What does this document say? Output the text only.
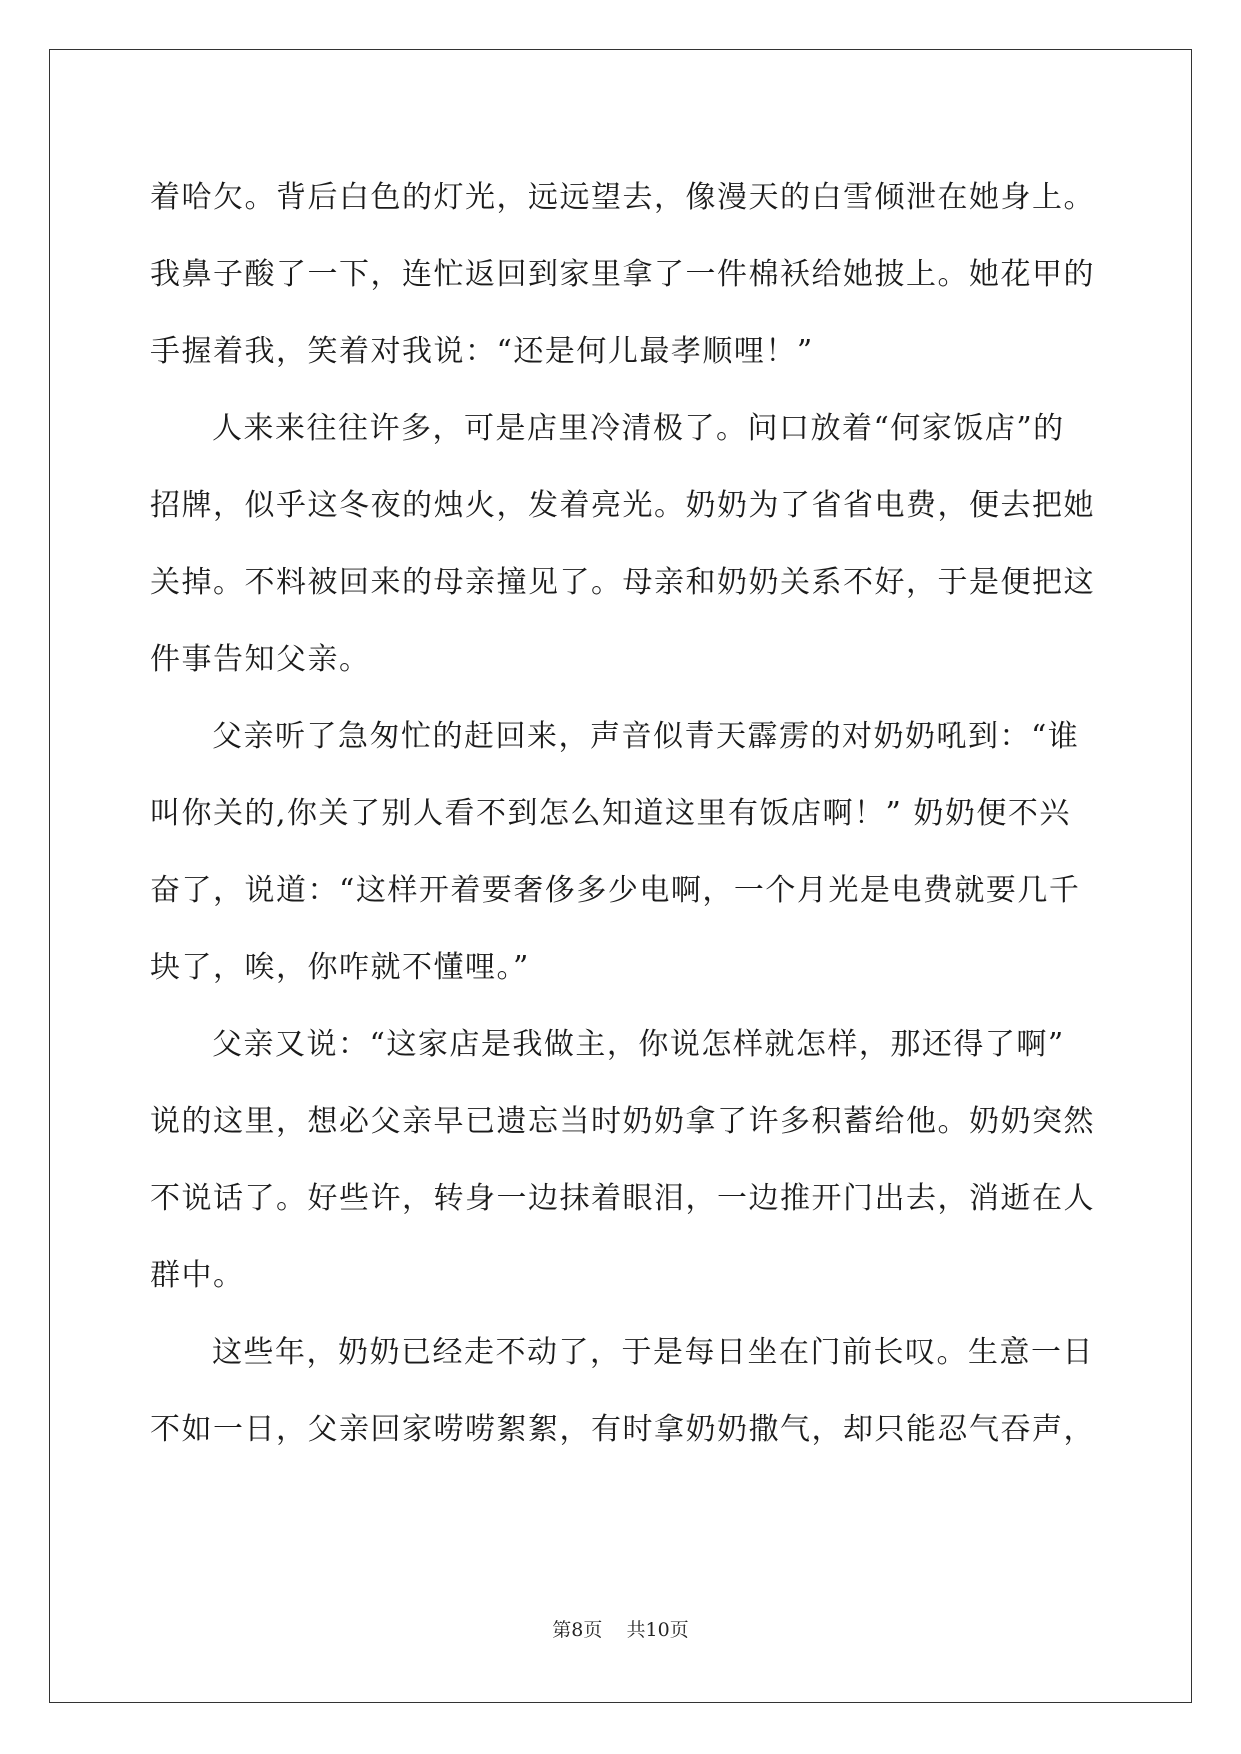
着哈欠。背后白色的灯光，远远望去，像漫天的白雪倾泄在她身上。
我鼻子酸了一下，连忙返回到家里拿了一件棉袄给她披上。她花甲的
手握着我，笑着对我说：“还是何儿最孝顺哩！”
人来来往往许多，可是店里冷清极了。问口放着“何家饭店”的
招牌，似乎这冬夜的烛火，发着亮光。奶奶为了省省电费，便去把她
关掉。不料被回来的母亲撞见了。母亲和奶奶关系不好，于是便把这
件事告知父亲。
父亲听了急匆忙的赶回来，声音似青天霹雳的对奶奶吼到：“谁
叫你关的,你关了别人看不到怎么知道这里有饭店啊！” 奶奶便不兴
奋了，说道：“这样开着要奢侈多少电啊，一个月光是电费就要几千
块了，唉，你咋就不懂哩。”
父亲又说：“这家店是我做主，你说怎样就怎样，那还得了啊”
说的这里，想必父亲早已遗忘当时奶奶拿了许多积蓄给他。奶奶突然
不说话了。好些许，转身一边抹着眼泪，一边推开门出去，消逝在人
群中。
这些年，奶奶已经走不动了，于是每日坐在门前长叹。生意一日
不如一日，父亲回家唠唠絮絮，有时拿奶奶撒气，却只能忍气吞声，
第8页    共10页
